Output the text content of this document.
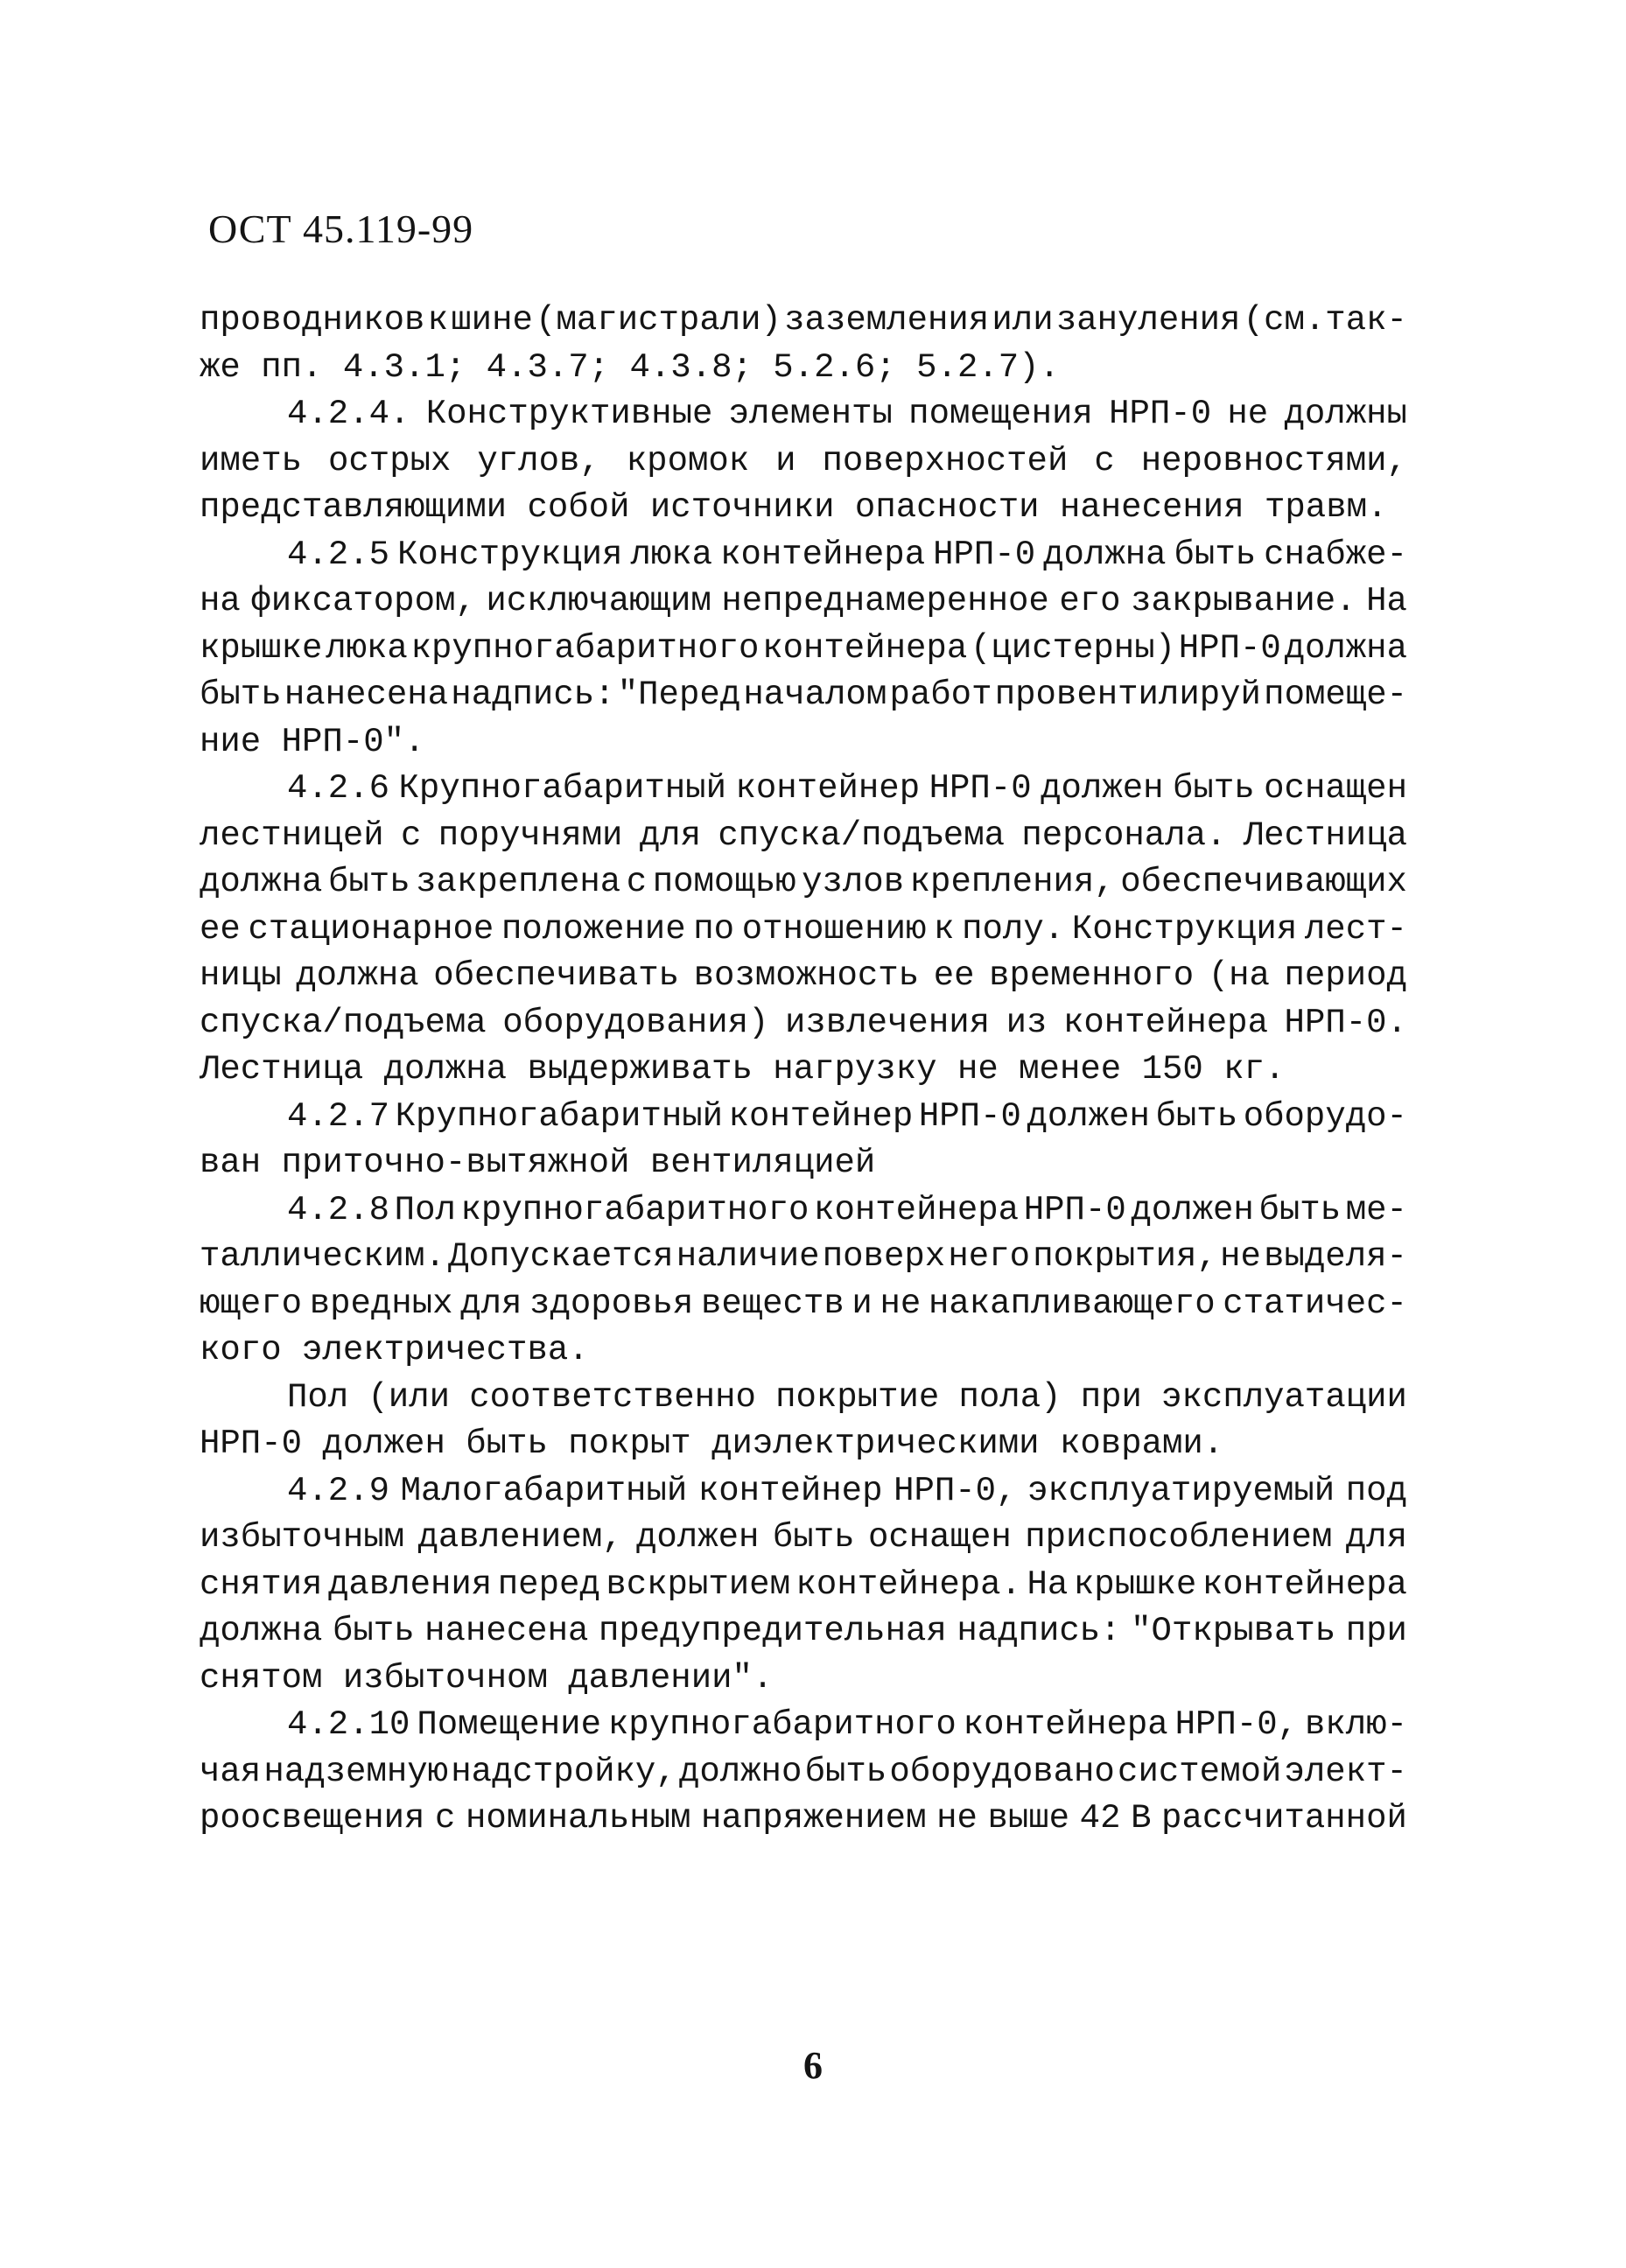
ОСТ 45.119-99
проводников к шине (магистрали) заземления или зануления (см.так-
же пп. 4.3.1; 4.3.7; 4.3.8; 5.2.6; 5.2.7).
4.2.4. Конструктивные элементы помещения НРП-0 не должны
иметь острых углов, кромок и поверхностей с неровностями,
представляющими собой источники опасности нанесения травм.
4.2.5 Конструкция люка контейнера НРП-0 должна быть снабже-
на фиксатором, исключающим непреднамеренное его закрывание. На
крышке люка крупногабаритного контейнера (цистерны) НРП-0 должна
быть нанесена надпись: "Перед началом работ провентилируй помеще-
ние НРП-0".
4.2.6 Крупногабаритный контейнер НРП-0 должен быть оснащен
лестницей с поручнями для спуска/подъема персонала. Лестница
должна быть закреплена с помощью узлов крепления, обеспечивающих
ее стационарное положение по отношению к полу. Конструкция лест-
ницы должна обеспечивать возможность ее временного (на период
спуска/подъема оборудования) извлечения из контейнера НРП-0.
Лестница должна выдерживать нагрузку не менее 150 кг.
4.2.7 Крупногабаритный контейнер НРП-0 должен быть оборудо-
ван приточно-вытяжной вентиляцией
4.2.8 Пол крупногабаритного контейнера НРП-0 должен быть ме-
таллическим. Допускается наличие поверх него покрытия, не выделя-
ющего вредных для здоровья веществ и не накапливающего статичес-
кого электричества.
Пол (или соответственно покрытие пола) при эксплуатации
НРП-0 должен быть покрыт диэлектрическими коврами.
4.2.9 Малогабаритный контейнер НРП-0, эксплуатируемый под
избыточным давлением, должен быть оснащен приспособлением для
снятия давления перед вскрытием контейнера. На крышке контейнера
должна быть нанесена предупредительная надпись: "Открывать при
снятом избыточном давлении".
4.2.10 Помещение крупногабаритного контейнера НРП-0, вклю-
чая надземную надстройку, должно быть оборудовано системой элект-
роосвещения с номинальным напряжением не выше 42 В рассчитанной
6
